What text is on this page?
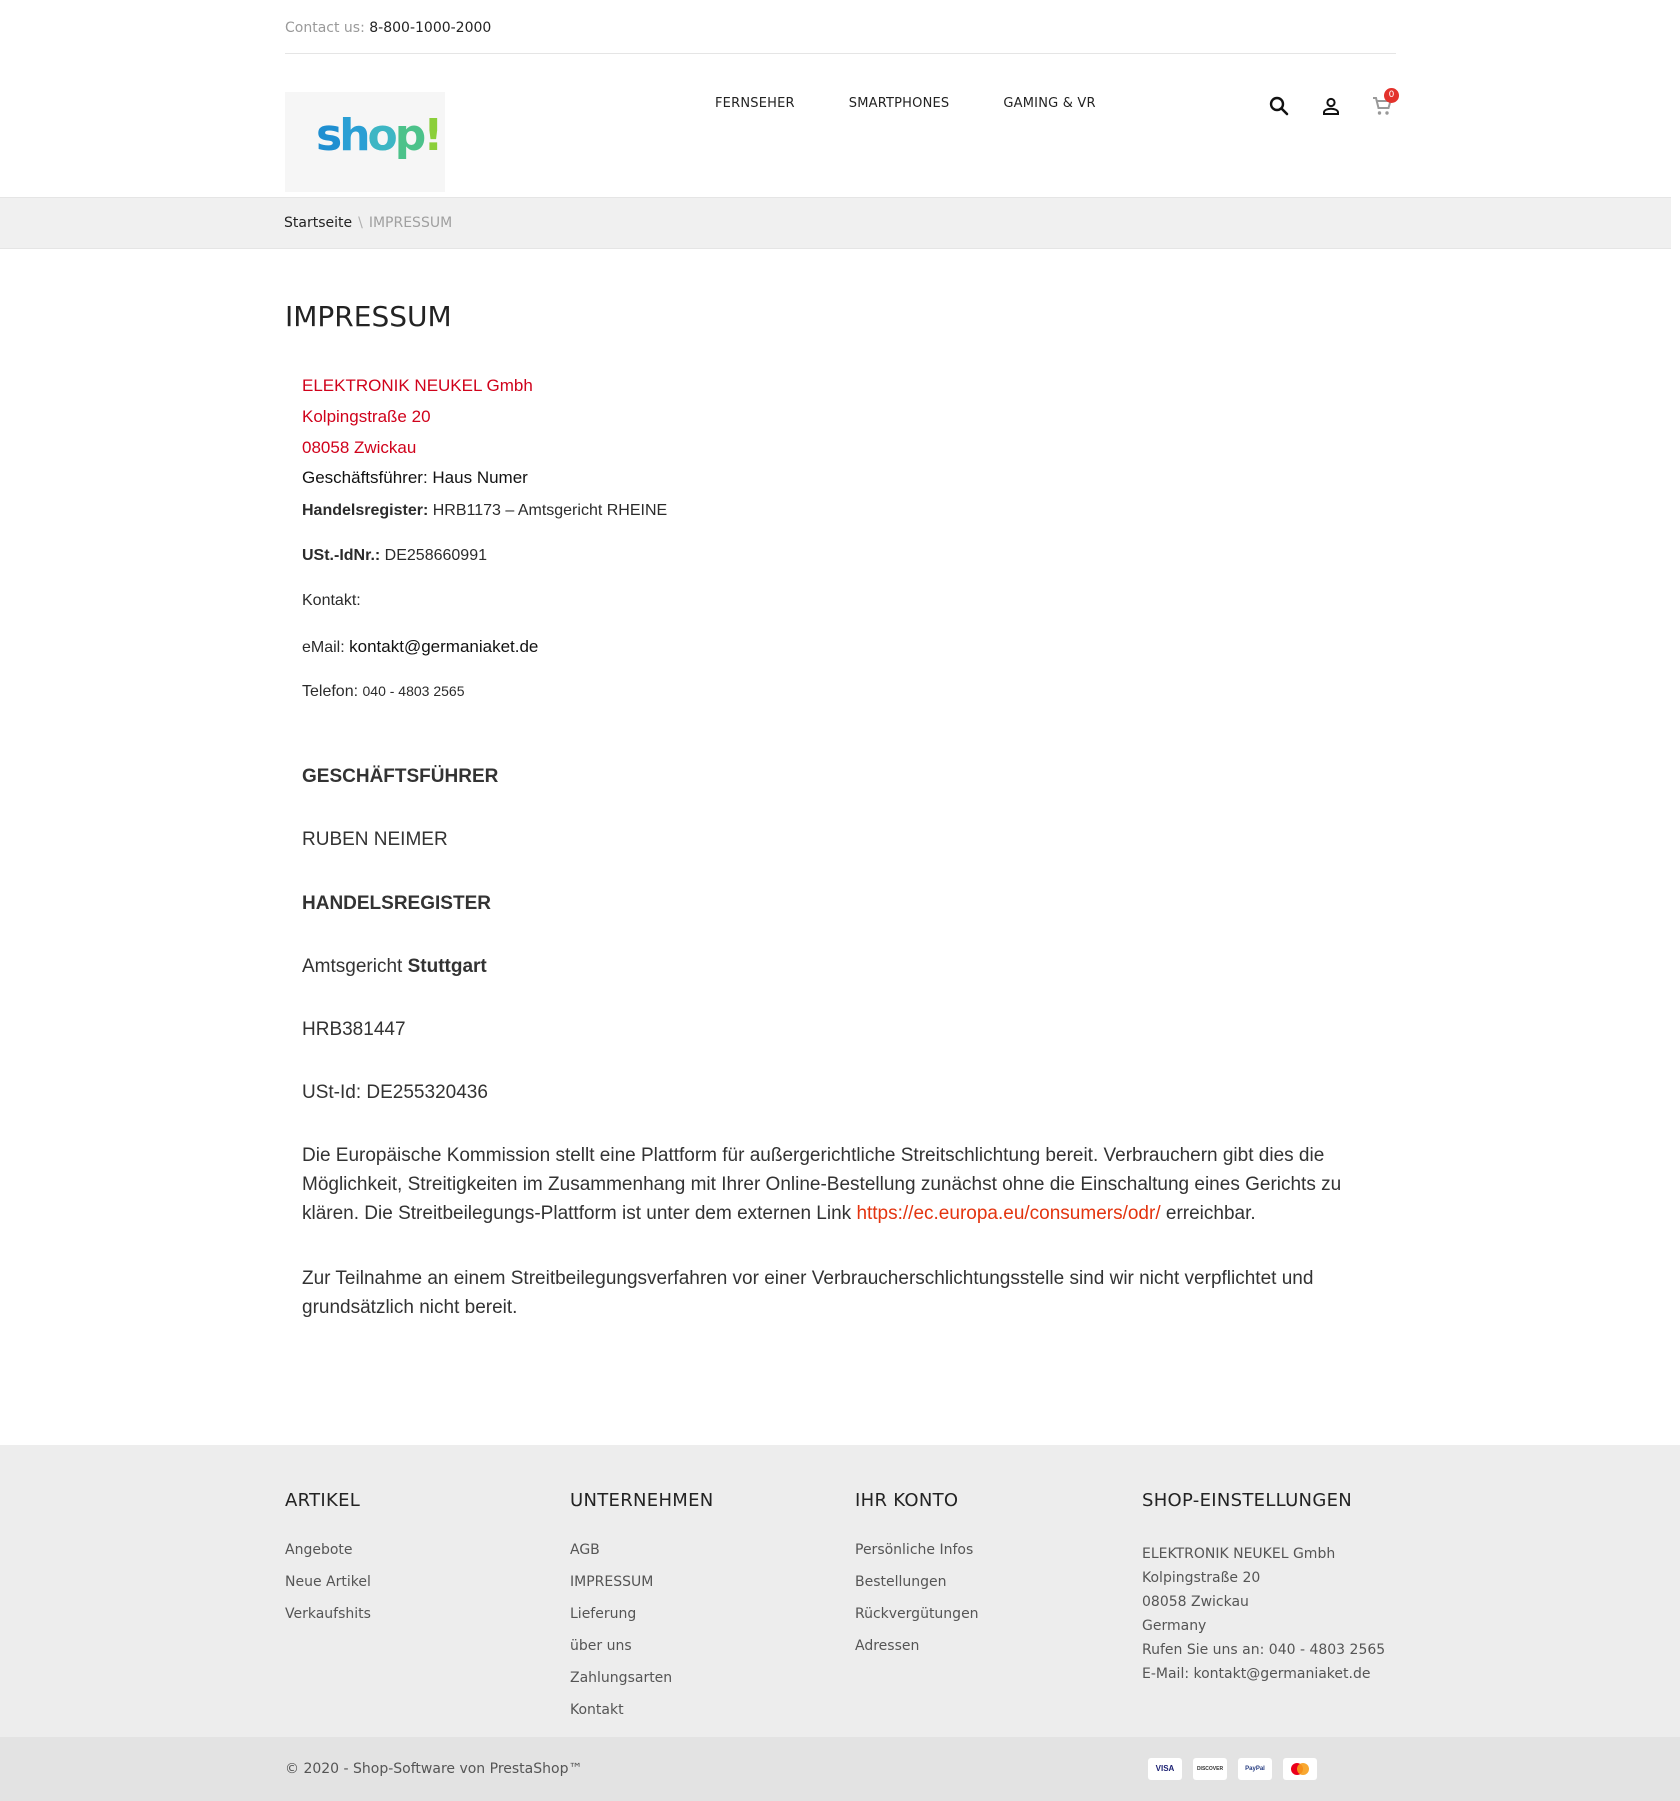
Contact us: 8-800-1000-2000
shop!
FERNSEHER	SMARTPHONES	GAMING & VR
0
Startseite \ IMPRESSUM
IMPRESSUM
ELEKTRONIK NEUKEL Gmbh
Kolpingstraße 20
08058 Zwickau
Geschäftsführer: Haus Numer
Handelsregister: HRB1173 – Amtsgericht RHEINE
USt.-IdNr.: DE258660991
Kontakt:
eMail: kontakt@germaniaket.de
Telefon: 040 - 4803 2565
GESCHÄFTSFÜHRER
RUBEN NEIMER
HANDELSREGISTER
Amtsgericht Stuttgart
HRB381447
USt-Id: DE255320436
Die Europäische Kommission stellt eine Plattform für außergerichtliche Streitschlichtung bereit. Verbrauchern gibt dies die Möglichkeit, Streitigkeiten im Zusammenhang mit Ihrer Online-Bestellung zunächst ohne die Einschaltung eines Gerichts zu klären. Die Streitbeilegungs-Plattform ist unter dem externen Link https://ec.europa.eu/consumers/odr/ erreichbar.
Zur Teilnahme an einem Streitbeilegungsverfahren vor einer Verbraucherschlichtungsstelle sind wir nicht verpflichtet und grundsätzlich nicht bereit.
ARTIKEL
Angebote
Neue Artikel
Verkaufshits
UNTERNEHMEN
AGB
IMPRESSUM
Lieferung
über uns
Zahlungsarten
Kontakt
IHR KONTO
Persönliche Infos
Bestellungen
Rückvergütungen
Adressen
SHOP-EINSTELLUNGEN
ELEKTRONIK NEUKEL Gmbh
Kolpingstraße 20
08058 Zwickau
Germany
Rufen Sie uns an: 040 - 4803 2565
E-Mail: kontakt@germaniaket.de
© 2020 - Shop-Software von PrestaShop™	VISA	DISCOVER	PayPal
